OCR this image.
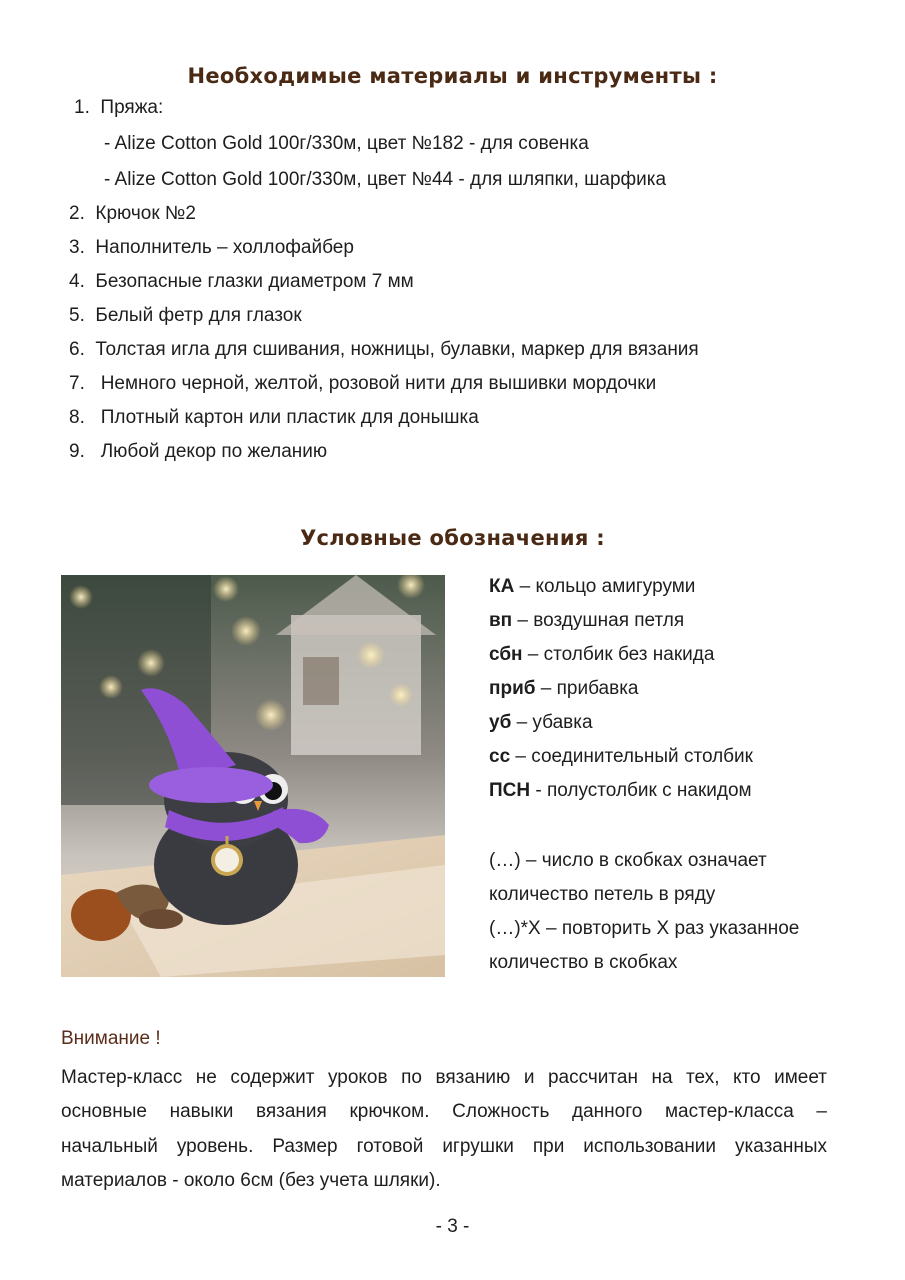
Необходимые материалы и инструменты :
1. Пряжа:
- Alize Cotton Gold 100г/330м, цвет №182 - для совенка
- Alize Cotton Gold 100г/330м, цвет №44 - для шляпки, шарфика
2. Крючок №2
3. Наполнитель – холлофайбер
4. Безопасные глазки диаметром 7 мм
5. Белый фетр для глазок
6. Толстая игла для сшивания, ножницы, булавки, маркер для вязания
7. Немного черной, желтой, розовой нити для вышивки мордочки
8. Плотный картон или пластик для донышка
9. Любой декор по желанию
Условные обозначения :
КА – кольцо амигуруми
вп – воздушная петля
сбн – столбик без накида
приб – прибавка
уб – убавка
сс – соединительный столбик
ПСН - полустолбик с накидом
(…) – число в скобках означает
количество петель в ряду
(…)*Х – повторить Х раз указанное
количество в скобках
Внимание !
Мастер-класс не содержит уроков по вязанию и рассчитан на тех, кто имеет
основные навыки вязания крючком. Сложность данного мастер-класса –
начальный уровень. Размер готовой игрушки при использовании указанных
материалов - около 6см (без учета шляки).
- 3 -
